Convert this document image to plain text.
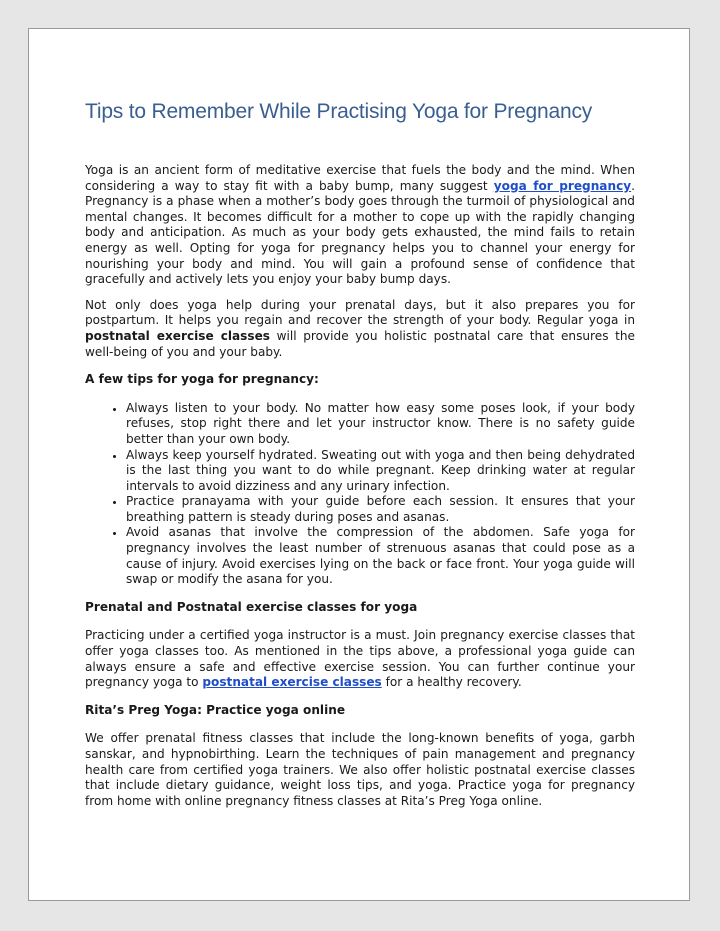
Tips to Remember While Practising Yoga for Pregnancy

Yoga is an ancient form of meditative exercise that fuels the body and the mind. When considering a way to stay fit with a baby bump, many suggest yoga for pregnancy. Pregnancy is a phase when a mother’s body goes through the turmoil of physiological and mental changes. It becomes difficult for a mother to cope up with the rapidly changing body and anticipation. As much as your body gets exhausted, the mind fails to retain energy as well. Opting for yoga for pregnancy helps you to channel your energy for nourishing your body and mind. You will gain a profound sense of confidence that gracefully and actively lets you enjoy your baby bump days.

Not only does yoga help during your prenatal days, but it also prepares you for postpartum. It helps you regain and recover the strength of your body. Regular yoga in postnatal exercise classes will provide you holistic postnatal care that ensures the well-being of you and your baby.

A few tips for yoga for pregnancy:
• Always listen to your body. No matter how easy some poses look, if your body refuses, stop right there and let your instructor know. There is no safety guide better than your own body.
• Always keep yourself hydrated. Sweating out with yoga and then being dehydrated is the last thing you want to do while pregnant. Keep drinking water at regular intervals to avoid dizziness and any urinary infection.
• Practice pranayama with your guide before each session. It ensures that your breathing pattern is steady during poses and asanas.
• Avoid asanas that involve the compression of the abdomen. Safe yoga for pregnancy involves the least number of strenuous asanas that could pose as a cause of injury. Avoid exercises lying on the back or face front. Your yoga guide will swap or modify the asana for you.
Prenatal and Postnatal exercise classes for yoga

Practicing under a certified yoga instructor is a must. Join pregnancy exercise classes that offer yoga classes too. As mentioned in the tips above, a professional yoga guide can always ensure a safe and effective exercise session. You can further continue your pregnancy yoga to postnatal exercise classes for a healthy recovery.

Rita’s Preg Yoga: Practice yoga online

We offer prenatal fitness classes that include the long-known benefits of yoga, garbh sanskar, and hypnobirthing. Learn the techniques of pain management and pregnancy health care from certified yoga trainers. We also offer holistic postnatal exercise classes that include dietary guidance, weight loss tips, and yoga. Practice yoga for pregnancy from home with online pregnancy fitness classes at Rita’s Preg Yoga online.
